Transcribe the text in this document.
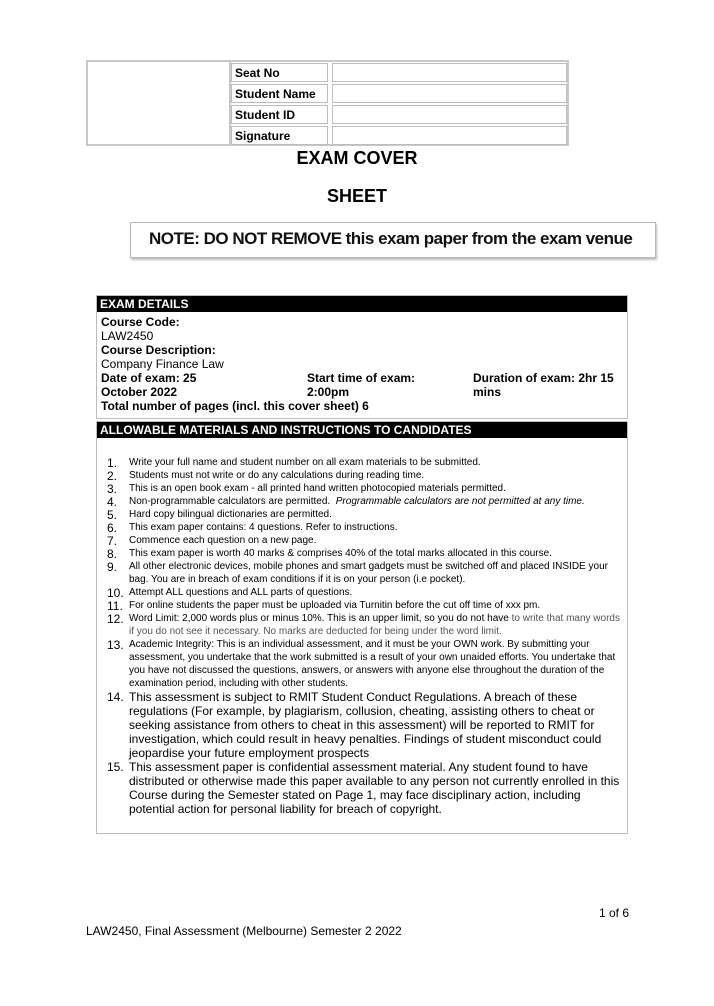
Seat No
Student Name
Student ID
Signature
EXAM COVER
SHEET
NOTE: DO NOT REMOVE this exam paper from the exam venue
EXAM DETAILS
Course Code:
LAW2450
Course Description:
Company Finance Law
Date of exam: 25
October 2022
Start time of exam:
2:00pm
Duration of exam: 2hr 15
mins
Total number of pages (incl. this cover sheet) 6
ALLOWABLE MATERIALS AND INSTRUCTIONS TO CANDIDATES
1. Write your full name and student number on all exam materials to be submitted.
2. Students must not write or do any calculations during reading time.
3. This is an open book exam - all printed hand written photocopied materials permitted.
4. Non-programmable calculators are permitted. Programmable calculators are not permitted at any time.
5. Hard copy bilingual dictionaries are permitted.
6. This exam paper contains: 4 questions. Refer to instructions.
7. Commence each question on a new page.
8. This exam paper is worth 40 marks & comprises 40% of the total marks allocated in this course.
9. All other electronic devices, mobile phones and smart gadgets must be switched off and placed INSIDE your bag. You are in breach of exam conditions if it is on your person (i.e pocket).
10. Attempt ALL questions and ALL parts of questions.
11. For online students the paper must be uploaded via Turnitin before the cut off time of xxx pm.
12. Word Limit: 2,000 words plus or minus 10%. This is an upper limit, so you do not have to write that many words if you do not see it necessary. No marks are deducted for being under the word limit.
13. Academic Integrity: This is an individual assessment, and it must be your OWN work. By submitting your assessment, you undertake that the work submitted is a result of your own unaided efforts. You undertake that you have not discussed the questions, answers, or answers with anyone else throughout the duration of the examination period, including with other students.
14. This assessment is subject to RMIT Student Conduct Regulations. A breach of these regulations (For example, by plagiarism, collusion, cheating, assisting others to cheat or seeking assistance from others to cheat in this assessment) will be reported to RMIT for investigation, which could result in heavy penalties. Findings of student misconduct could jeopardise your future employment prospects
15. This assessment paper is confidential assessment material. Any student found to have distributed or otherwise made this paper available to any person not currently enrolled in this Course during the Semester stated on Page 1, may face disciplinary action, including potential action for personal liability for breach of copyright.
1 of 6
LAW2450, Final Assessment (Melbourne) Semester 2 2022
